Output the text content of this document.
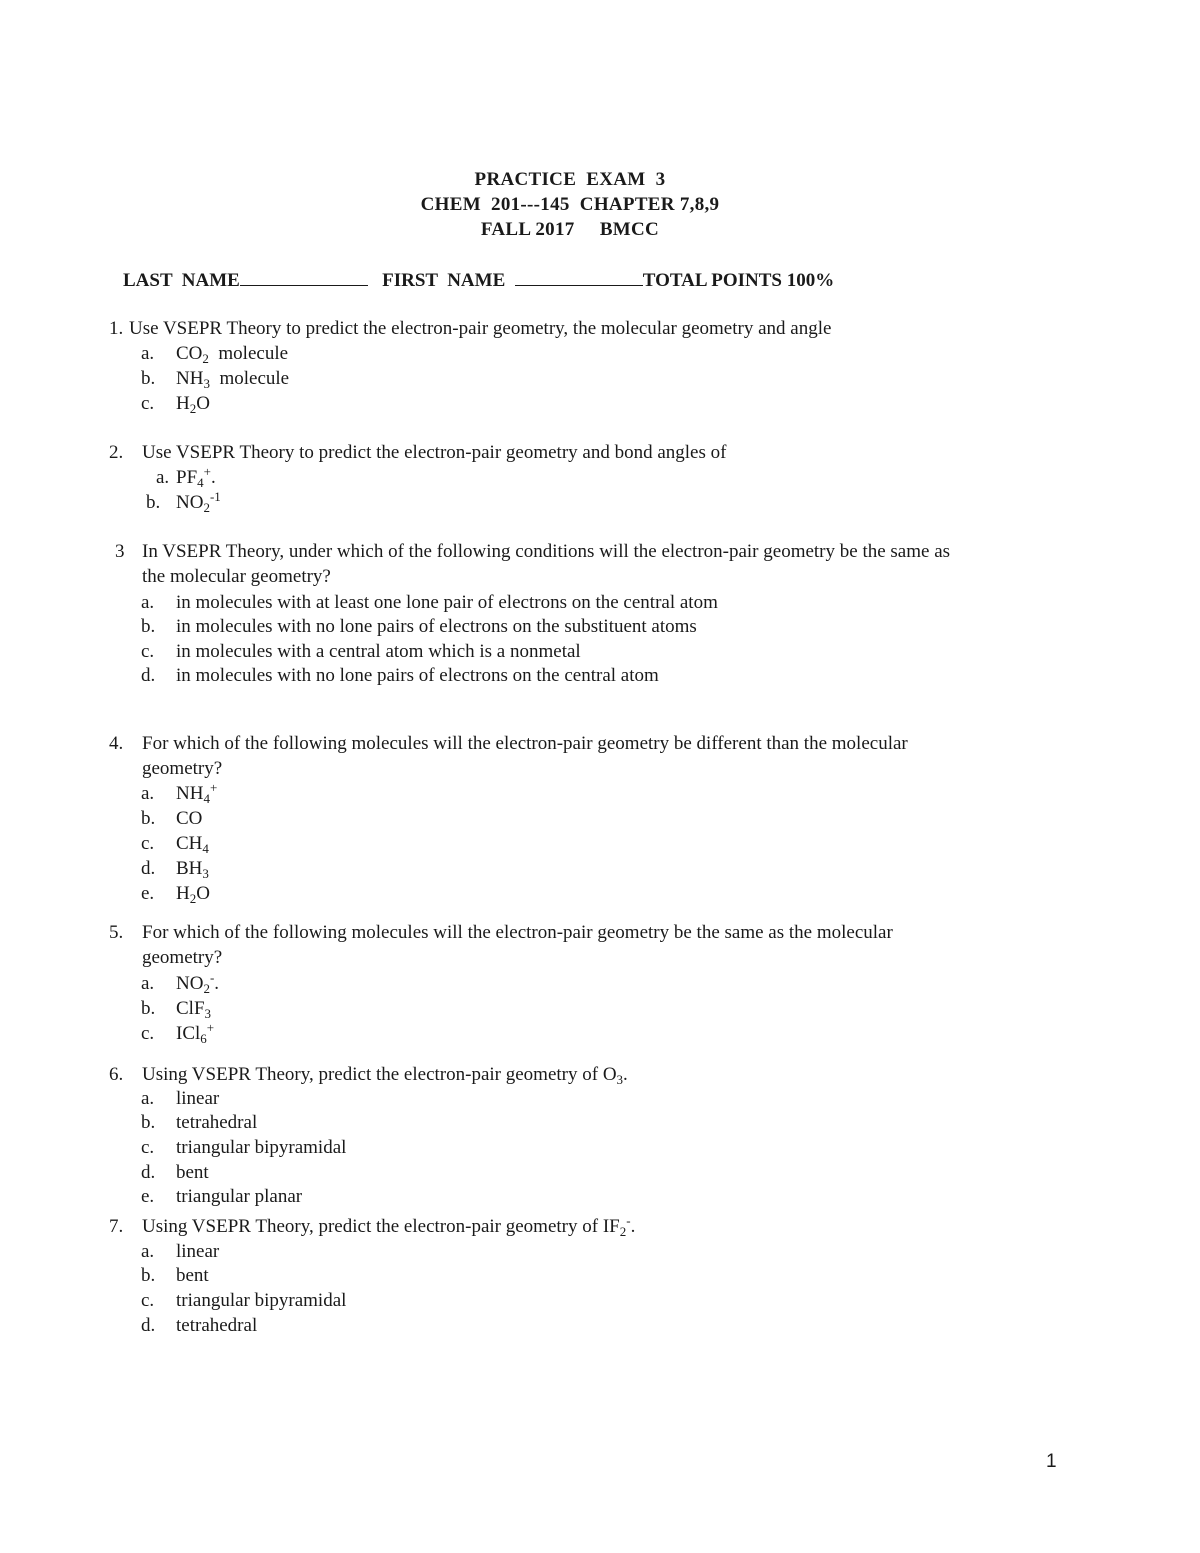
PRACTICE  EXAM  3
CHEM  201---145  CHAPTER 7,8,9
FALL 2017     BMCC
LAST  NAME	FIRST  NAME	TOTAL POINTS 100%
1. Use VSEPR Theory to predict the electron-pair geometry, the molecular geometry and angle
a. $CO_2$  molecule
b. $NH_3$  molecule
c. $H_2O$
2. Use VSEPR Theory to predict the electron-pair geometry and bond angles of
a. $PF_4^+$.
b. $NO_2^{-1}$
3 In VSEPR Theory, under which of the following conditions will the electron-pair geometry be the same as
the molecular geometry?
a. in molecules with at least one lone pair of electrons on the central atom
b. in molecules with no lone pairs of electrons on the substituent atoms
c. in molecules with a central atom which is a nonmetal
d. in molecules with no lone pairs of electrons on the central atom
4. For which of the following molecules will the electron-pair geometry be different than the molecular
geometry?
a. $NH_4^+$
b. CO
c. $CH_4$
d. $BH_3$
e. $H_2O$
5. For which of the following molecules will the electron-pair geometry be the same as the molecular
geometry?
a. $NO_2^-$.
b. ClF$_3$
c. ICl$_6$+
6. Using VSEPR Theory, predict the electron-pair geometry of $O_3$.
a. linear
b. tetrahedral
c. triangular bipyramidal
d. bent
e. triangular planar
7. Using VSEPR Theory, predict the electron-pair geometry of $IF_2^-$.
a. linear
b. bent
c. triangular bipyramidal
d. tetrahedral
1
